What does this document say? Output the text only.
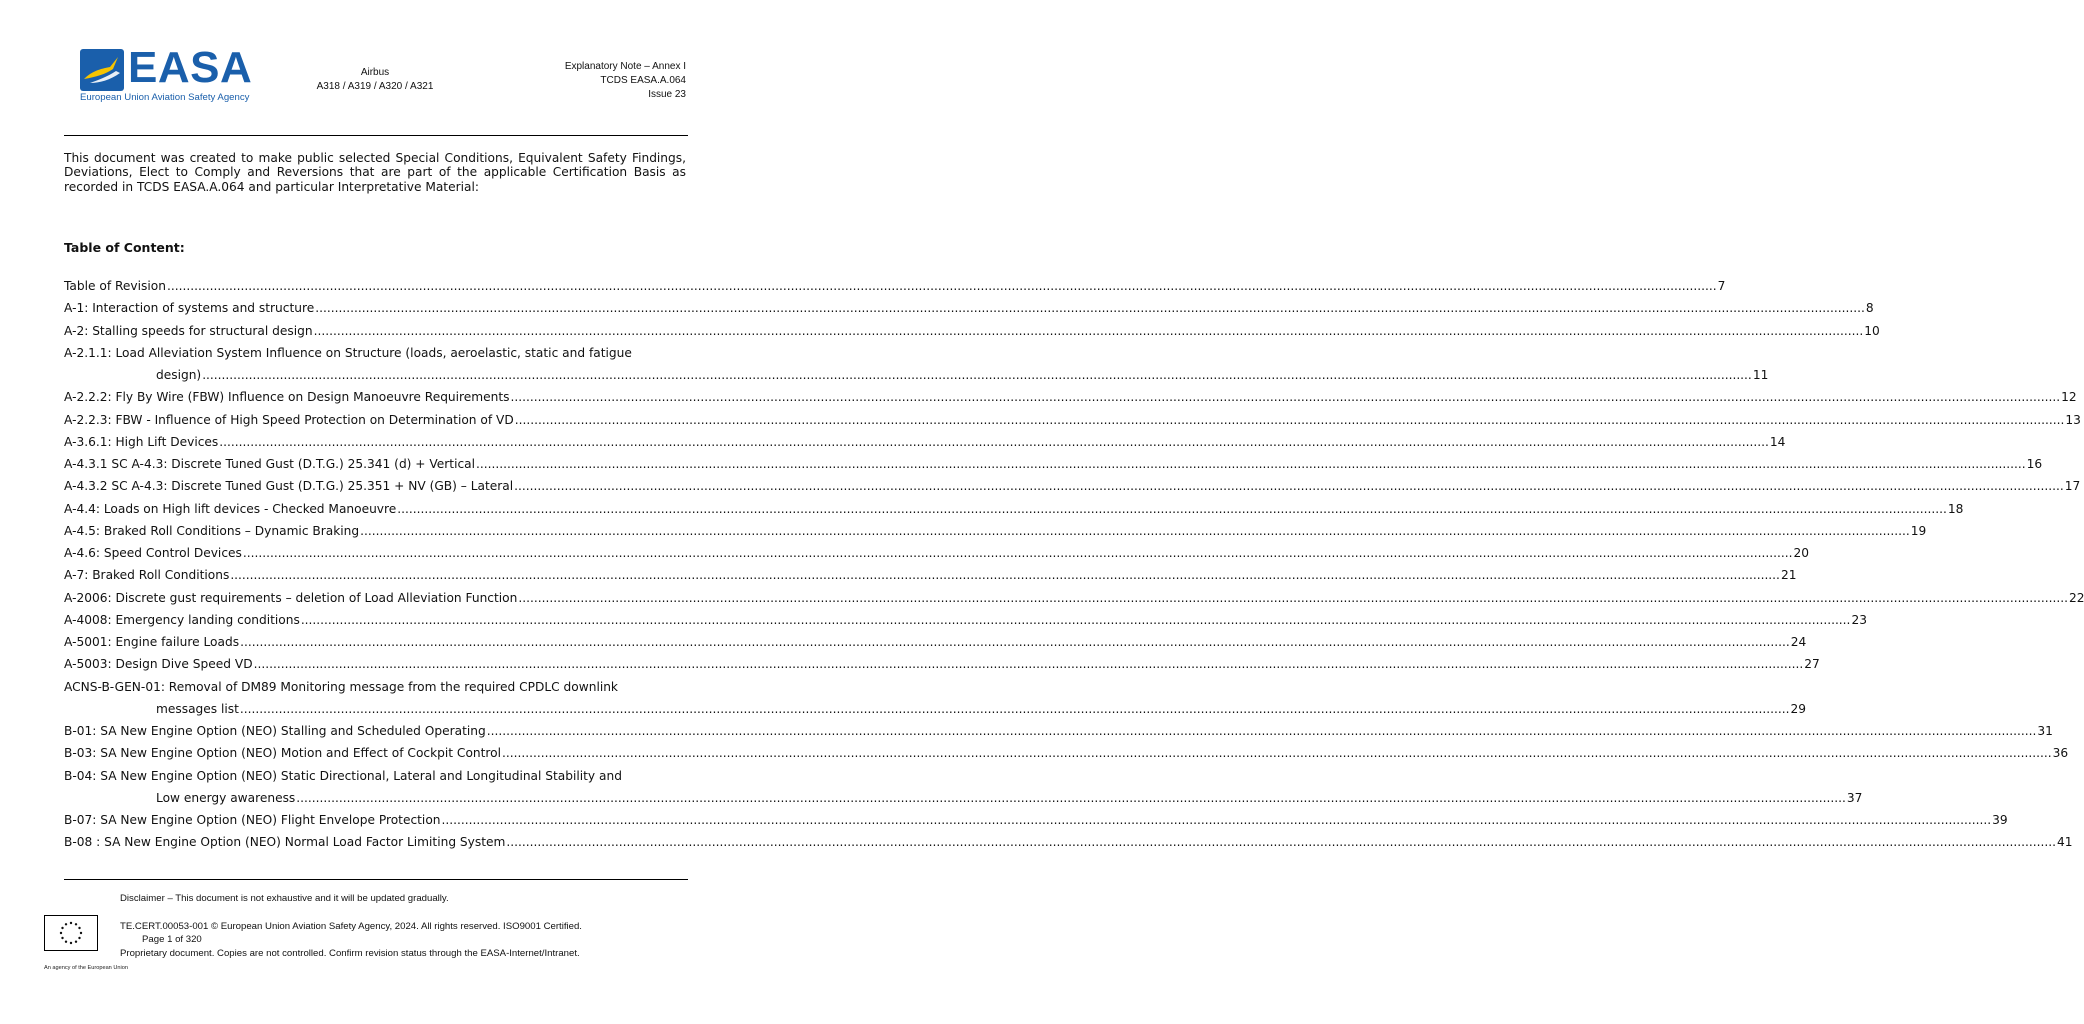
EASA
European Union Aviation Safety Agency
Airbus
A318 / A319 / A320 / A321
Explanatory Note – Annex I
TCDS EASA.A.064
Issue 23
This document was created to make public selected Special Conditions, Equivalent Safety Findings, Deviations, Elect to Comply and Reversions that are part of the applicable Certification Basis as recorded in TCDS EASA.A.064 and particular Interpretative Material:
Table of Content:
Table of Revision ................................................................................................................................................................................................................................................................................................................................................................................................................ 7
A-1: Interaction of systems and structure ................................................................................................................................................................................................................................................................................................................................................................................................................ 8
A-2: Stalling speeds for structural design ................................................................................................................................................................................................................................................................................................................................................................................................................ 10
A-2.1.1: Load Alleviation System Influence on Structure (loads, aeroelastic, static and fatigue
design) ................................................................................................................................................................................................................................................................................................................................................................................................................ 11
A-2.2.2: Fly By Wire (FBW) Influence on Design Manoeuvre Requirements ................................................................................................................................................................................................................................................................................................................................................................................................................ 12
A-2.2.3: FBW - Influence of High Speed Protection on Determination of VD ................................................................................................................................................................................................................................................................................................................................................................................................................ 13
A-3.6.1: High Lift Devices ................................................................................................................................................................................................................................................................................................................................................................................................................ 14
A-4.3.1 SC A-4.3: Discrete Tuned Gust (D.T.G.) 25.341 (d) + Vertical ................................................................................................................................................................................................................................................................................................................................................................................................................ 16
A-4.3.2 SC A-4.3: Discrete Tuned Gust (D.T.G.) 25.351 + NV (GB) – Lateral ................................................................................................................................................................................................................................................................................................................................................................................................................ 17
A-4.4: Loads on High lift devices - Checked Manoeuvre ................................................................................................................................................................................................................................................................................................................................................................................................................ 18
A-4.5: Braked Roll Conditions – Dynamic Braking ................................................................................................................................................................................................................................................................................................................................................................................................................ 19
A-4.6: Speed Control Devices ................................................................................................................................................................................................................................................................................................................................................................................................................ 20
A-7: Braked Roll Conditions ................................................................................................................................................................................................................................................................................................................................................................................................................ 21
A-2006: Discrete gust requirements – deletion of Load Alleviation Function ................................................................................................................................................................................................................................................................................................................................................................................................................ 22
A-4008: Emergency landing conditions ................................................................................................................................................................................................................................................................................................................................................................................................................ 23
A-5001: Engine failure Loads ................................................................................................................................................................................................................................................................................................................................................................................................................ 24
A-5003: Design Dive Speed VD ................................................................................................................................................................................................................................................................................................................................................................................................................ 27
ACNS-B-GEN-01: Removal of DM89 Monitoring message from the required CPDLC downlink
messages list ................................................................................................................................................................................................................................................................................................................................................................................................................ 29
B-01: SA New Engine Option (NEO) Stalling and Scheduled Operating ................................................................................................................................................................................................................................................................................................................................................................................................................ 31
B-03: SA New Engine Option (NEO) Motion and Effect of Cockpit Control ................................................................................................................................................................................................................................................................................................................................................................................................................ 36
B-04: SA New Engine Option (NEO) Static Directional, Lateral and Longitudinal Stability and
Low energy awareness ................................................................................................................................................................................................................................................................................................................................................................................................................ 37
B-07: SA New Engine Option (NEO) Flight Envelope Protection ................................................................................................................................................................................................................................................................................................................................................................................................................ 39
B-08 : SA New Engine Option (NEO) Normal Load Factor Limiting System ................................................................................................................................................................................................................................................................................................................................................................................................................ 41
Disclaimer – This document is not exhaustive and it will be updated gradually.
TE.CERT.00053-001 © European Union Aviation Safety Agency, 2024. All rights reserved. ISO9001 Certified.
Page 1 of 320
Proprietary document. Copies are not controlled. Confirm revision status through the EASA-Internet/Intranet.
An agency of the European Union
